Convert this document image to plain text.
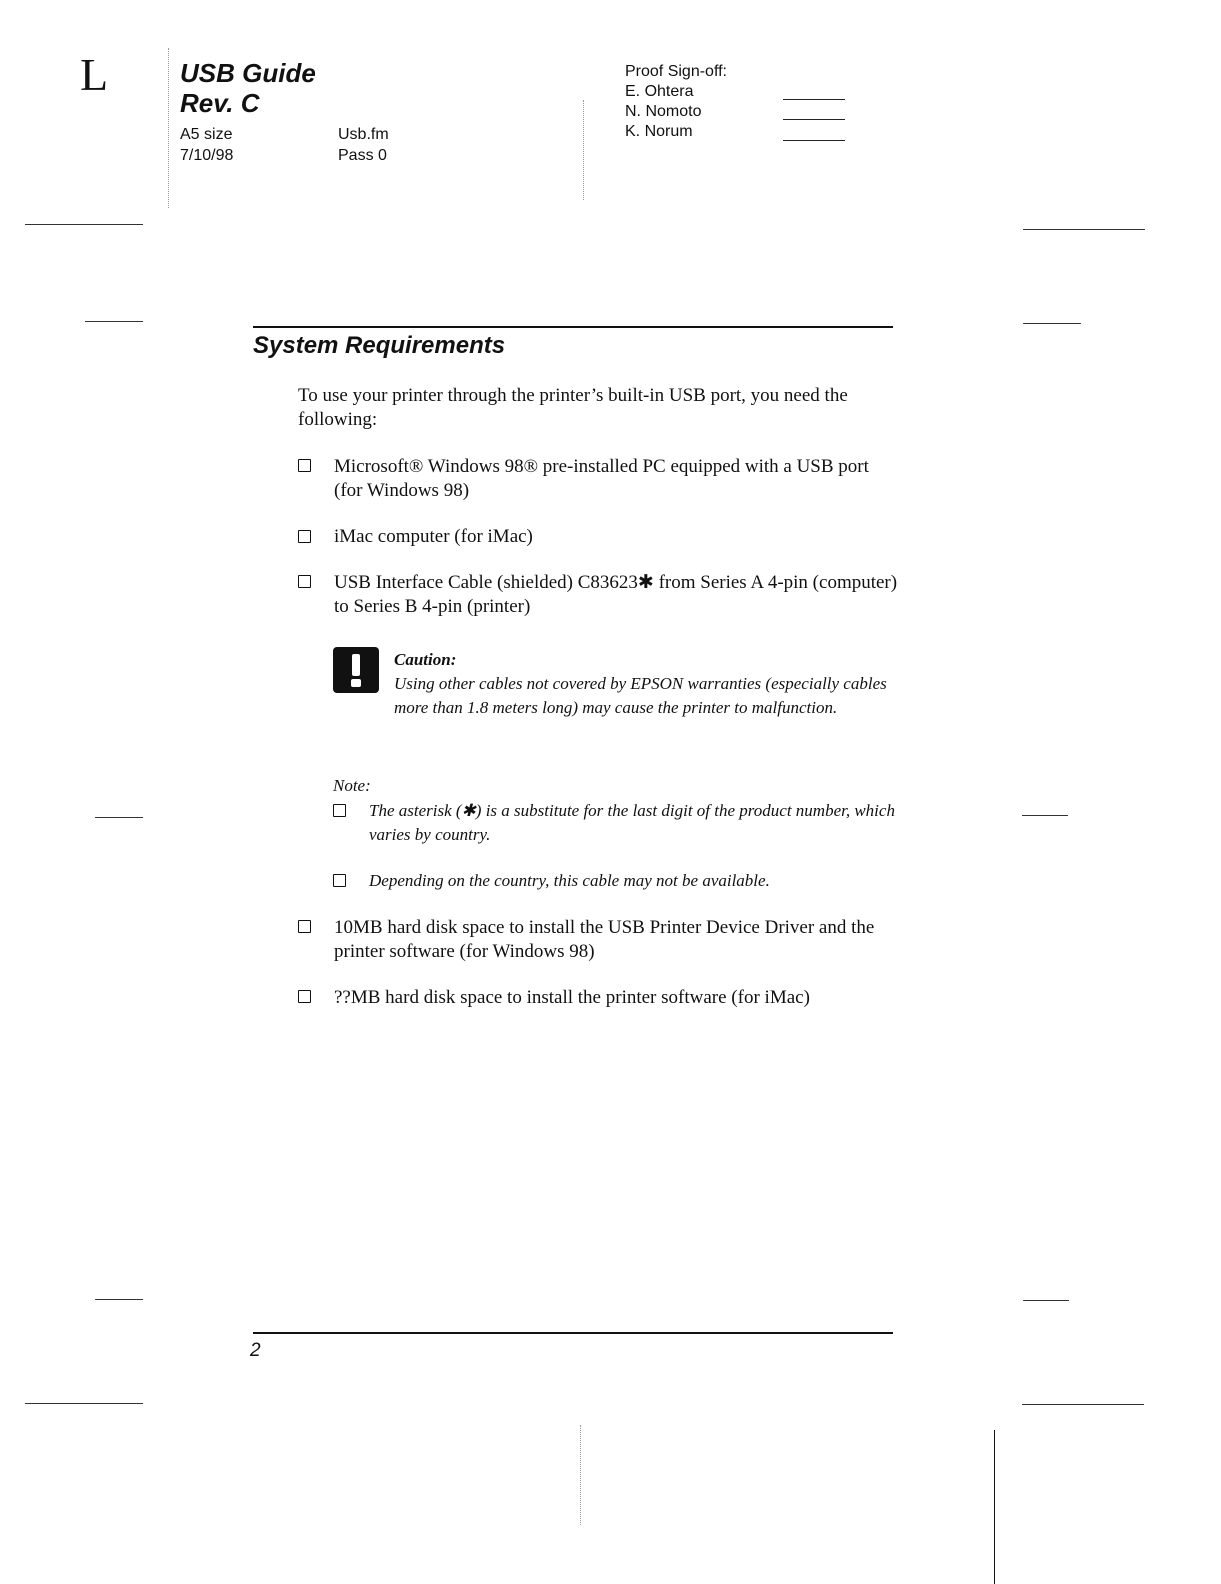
L	USB Guide
Rev. C
A5 size	Usb.fm
7/10/98	Pass 0
Proof Sign-off:
E. Ohtera
N. Nomoto
K. Norum
System Requirements
To use your printer through the printer’s built-in USB port, you need the following:
Microsoft® Windows 98® pre-installed PC equipped with a USB port (for Windows 98)
iMac computer (for iMac)
USB Interface Cable (shielded) C83623✱ from Series A 4-pin (computer) to Series B 4-pin (printer)
Caution:
Using other cables not covered by EPSON warranties (especially cables more than 1.8 meters long) may cause the printer to malfunction.
Note:
The asterisk (✱) is a substitute for the last digit of the product number, which varies by country.
Depending on the country, this cable may not be available.
10MB hard disk space to install the USB Printer Device Driver and the printer software (for Windows 98)
??MB hard disk space to install the printer software (for iMac)
2
